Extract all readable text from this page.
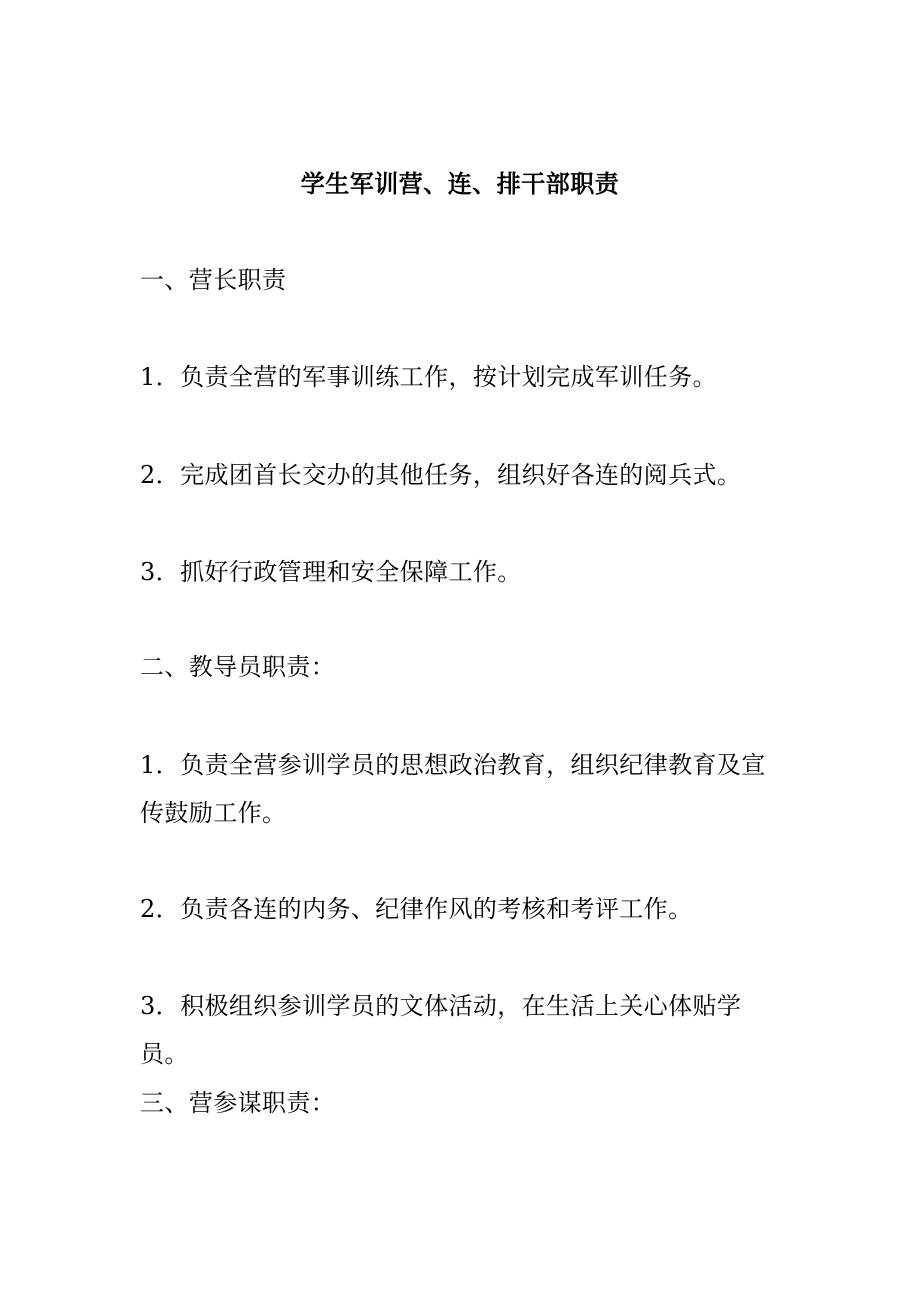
学生军训营、连、排干部职责
一、营长职责
1．负责全营的军事训练工作，按计划完成军训任务。
2．完成团首长交办的其他任务，组织好各连的阅兵式。
3．抓好行政管理和安全保障工作。
二、教导员职责：
1．负责全营参训学员的思想政治教育，组织纪律教育及宣传鼓励工作。
2．负责各连的内务、纪律作风的考核和考评工作。
3．积极组织参训学员的文体活动，在生活上关心体贴学员。
三、营参谋职责：
